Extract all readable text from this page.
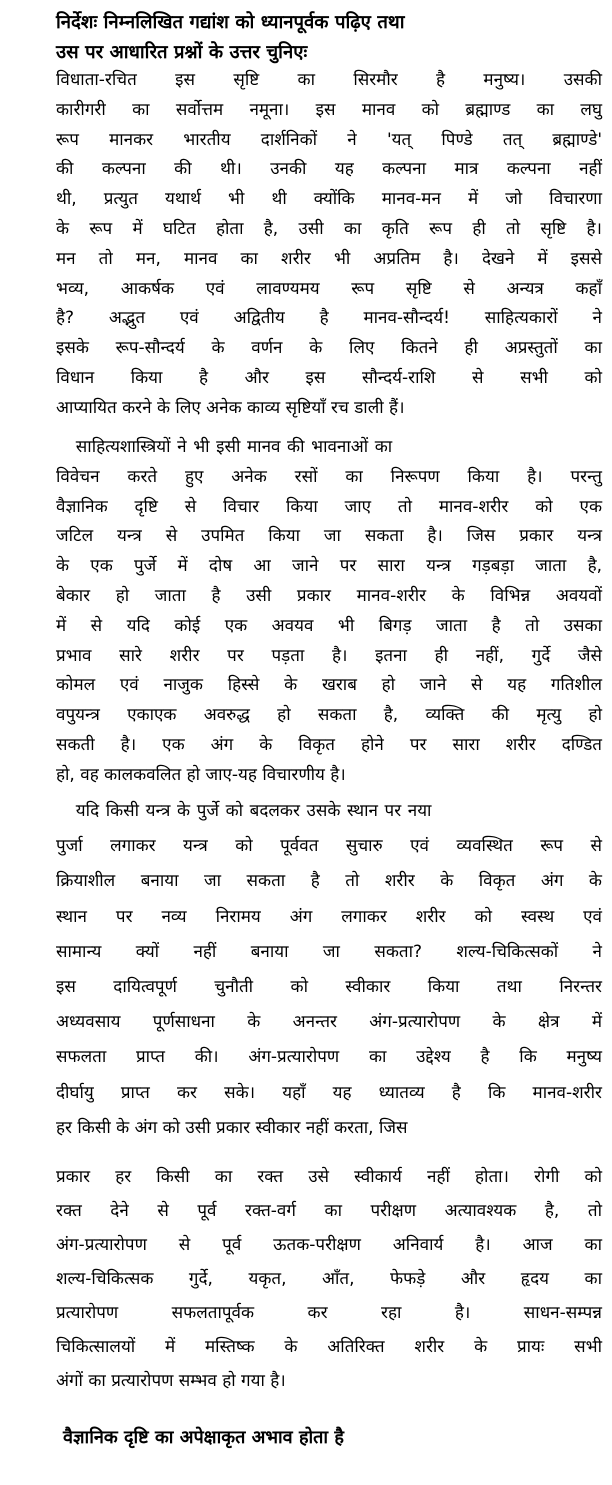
निर्देशः निम्नलिखित गद्यांश को ध्यानपूर्वक पढ़िए तथा
उस पर आधारित प्रश्नों के उत्तर चुनिएः
विधाता-रचित इस सृष्टि का सिरमौर है मनुष्य। उसकी
कारीगरी का सर्वोत्तम नमूना। इस मानव को ब्रह्माण्ड का लघु
रूप मानकर भारतीय दार्शनिकों ने 'यत् पिण्डे तत् ब्रह्माण्डे'
की कल्पना की थी। उनकी यह कल्पना मात्र कल्पना नहीं
थी, प्रत्युत यथार्थ भी थी क्योंकि मानव-मन में जो विचारणा
के रूप में घटित होता है, उसी का कृति रूप ही तो सृष्टि है।
मन तो मन, मानव का शरीर भी अप्रतिम है। देखने में इससे
भव्य, आकर्षक एवं लावण्यमय रूप सृष्टि से अन्यत्र कहाँ
है? अद्भुत एवं अद्वितीय है मानव-सौन्दर्य! साहित्यकारों ने
इसके रूप-सौन्दर्य के वर्णन के लिए कितने ही अप्रस्तुतों का
विधान किया है और इस सौन्दर्य-राशि से सभी को
आप्यायित करने के लिए अनेक काव्य सृष्टियाँ रच डाली हैं।
साहित्यशास्त्रियों ने भी इसी मानव की भावनाओं का
विवेचन करते हुए अनेक रसों का निरूपण किया है। परन्तु
वैज्ञानिक दृष्टि से विचार किया जाए तो मानव-शरीर को एक
जटिल यन्त्र से उपमित किया जा सकता है। जिस प्रकार यन्त्र
के एक पुर्जे में दोष आ जाने पर सारा यन्त्र गड़बड़ा जाता है,
बेकार हो जाता है उसी प्रकार मानव-शरीर के विभिन्न अवयवों
में से यदि कोई एक अवयव भी बिगड़ जाता है तो उसका
प्रभाव सारे शरीर पर पड़ता है। इतना ही नहीं, गुर्दे जैसे
कोमल एवं नाजुक हिस्से के खराब हो जाने से यह गतिशील
वपुयन्त्र एकाएक अवरुद्ध हो सकता है, व्यक्ति की मृत्यु हो
सकती है। एक अंग के विकृत होने पर सारा शरीर दण्डित
हो, वह कालकवलित हो जाए-यह विचारणीय है।
यदि किसी यन्त्र के पुर्जे को बदलकर उसके स्थान पर नया
पुर्जा लगाकर यन्त्र को पूर्ववत सुचारु एवं व्यवस्थित रूप से
क्रियाशील बनाया जा सकता है तो शरीर के विकृत अंग के
स्थान पर नव्य निरामय अंग लगाकर शरीर को स्वस्थ एवं
सामान्य क्यों नहीं बनाया जा सकता? शल्य-चिकित्सकों ने
इस दायित्वपूर्ण चुनौती को स्वीकार किया तथा निरन्तर
अध्यवसाय पूर्णसाधना के अनन्तर अंग-प्रत्यारोपण के क्षेत्र में
सफलता प्राप्त की। अंग-प्रत्यारोपण का उद्देश्य है कि मनुष्य
दीर्घायु प्राप्त कर सके। यहाँ यह ध्यातव्य है कि मानव-शरीर
हर किसी के अंग को उसी प्रकार स्वीकार नहीं करता, जिस
प्रकार हर किसी का रक्त उसे स्वीकार्य नहीं होता। रोगी को
रक्त देने से पूर्व रक्त-वर्ग का परीक्षण अत्यावश्यक है, तो
अंग-प्रत्यारोपण से पूर्व ऊतक-परीक्षण अनिवार्य है। आज का
शल्य-चिकित्सक गुर्दे, यकृत, आँत, फेफड़े और हृदय का
प्रत्यारोपण सफलतापूर्वक कर रहा है। साधन-सम्पन्न
चिकित्सालयों में मस्तिष्क के अतिरिक्त शरीर के प्रायः सभी
अंगों का प्रत्यारोपण सम्भव हो गया है।
वैज्ञानिक दृष्टि का अपेक्षाकृत अभाव होता है
